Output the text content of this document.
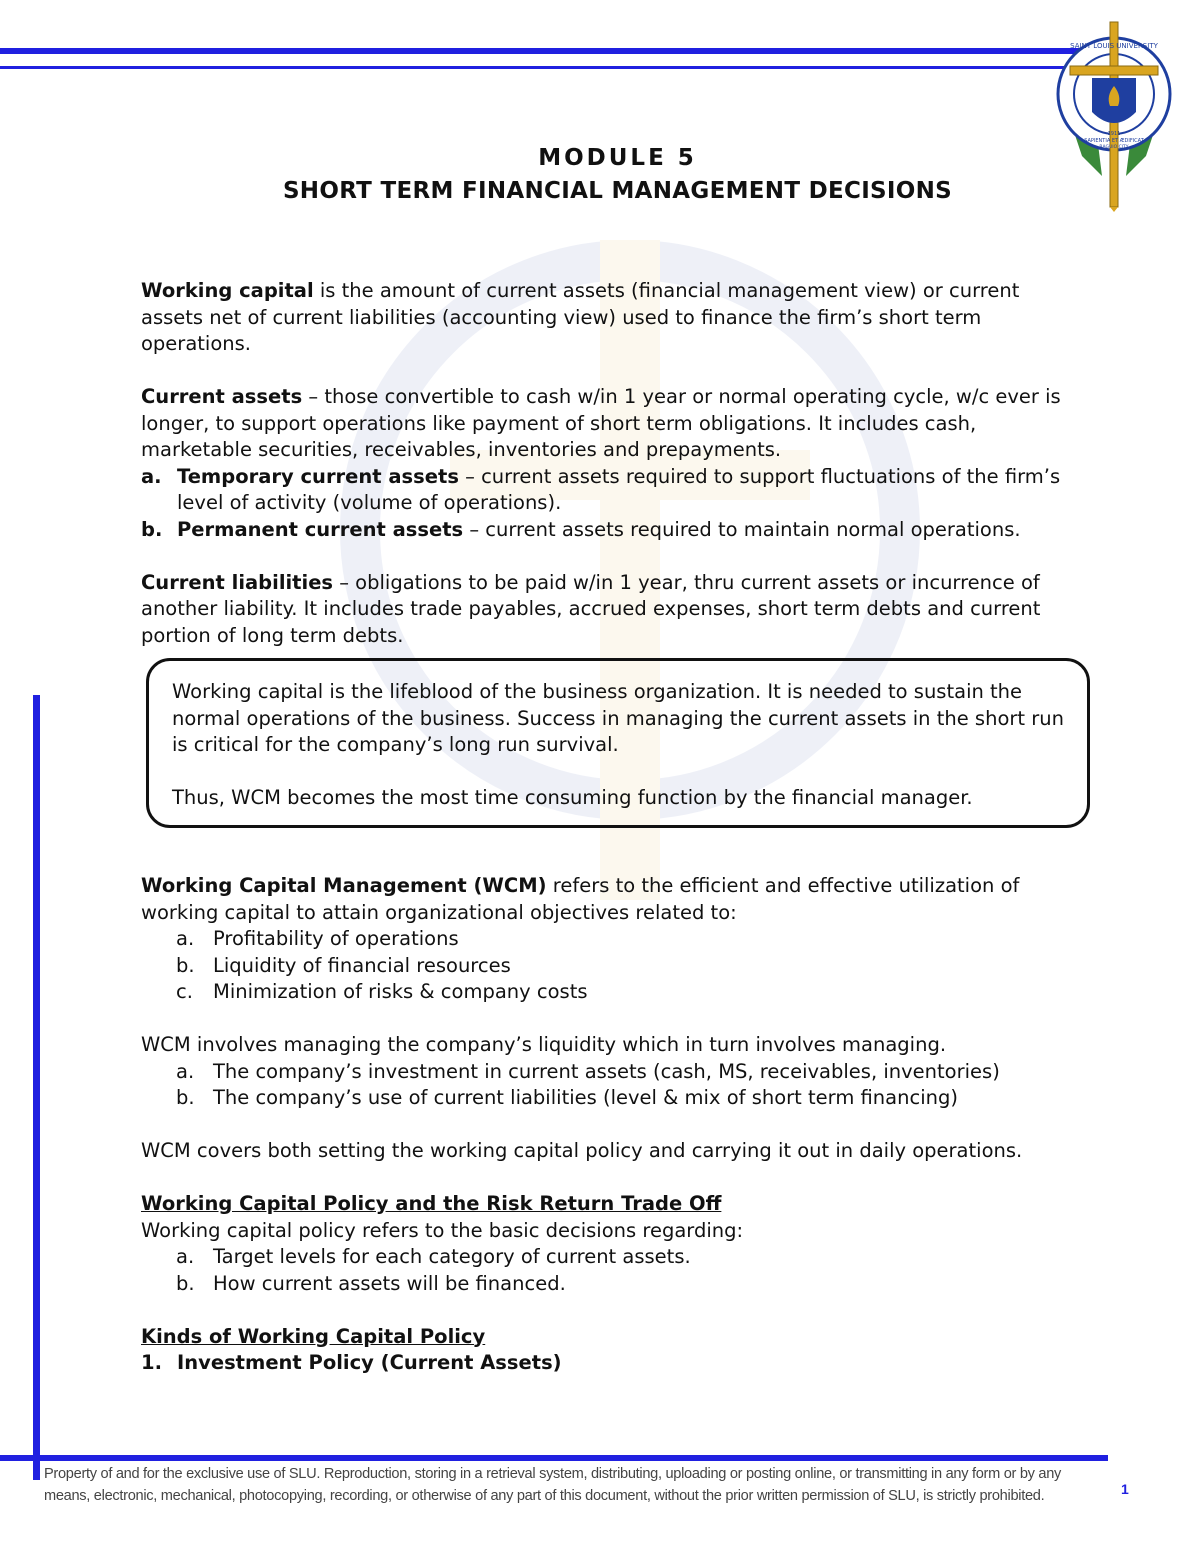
SAINT LOUIS UNIVERSITY
SAPIENTIA ET ÆDIFICAT
1911
BAGUIO CITY
MODULE 5
SHORT TERM FINANCIAL MANAGEMENT DECISIONS

Working capital is the amount of current assets (financial management view) or current assets net of current liabilities (accounting view) used to finance the firm’s short term operations.

Current assets – those convertible to cash w/in 1 year or normal operating cycle, w/c ever is longer, to support operations like payment of short term obligations. It includes cash, marketable securities, receivables, inventories and prepayments.

a. Temporary current assets – current assets required to support fluctuations of the firm’s level of activity (volume of operations).
b. Permanent current assets – current assets required to maintain normal operations.

Current liabilities – obligations to be paid w/in 1 year, thru current assets or incurrence of another liability. It includes trade payables, accrued expenses, short term debts and current portion of long term debts.

Working capital is the lifeblood of the business organization. It is needed to sustain the normal operations of the business. Success in managing the current assets in the short run is critical for the company’s long run survival.

Thus, WCM becomes the most time consuming function by the financial manager.

Working Capital Management (WCM) refers to the efficient and effective utilization of working capital to attain organizational objectives related to:

a. Profitability of operations
b. Liquidity of financial resources
c. Minimization of risks & company costs

WCM involves managing the company’s liquidity which in turn involves managing.

a. The company’s investment in current assets (cash, MS, receivables, inventories)
b. The company’s use of current liabilities (level & mix of short term financing)

WCM covers both setting the working capital policy and carrying it out in daily operations.

Working Capital Policy and the Risk Return Trade Off

Working capital policy refers to the basic decisions regarding:

a. Target levels for each category of current assets.
b. How current assets will be financed.

Kinds of Working Capital Policy

1. Investment Policy (Current Assets)
Property of and for the exclusive use of SLU. Reproduction, storing in a retrieval system, distributing, uploading or posting online, or transmitting in any form or by any
means, electronic, mechanical, photocopying, recording, or otherwise of any part of this document, without the prior written permission of SLU, is strictly prohibited.	1
